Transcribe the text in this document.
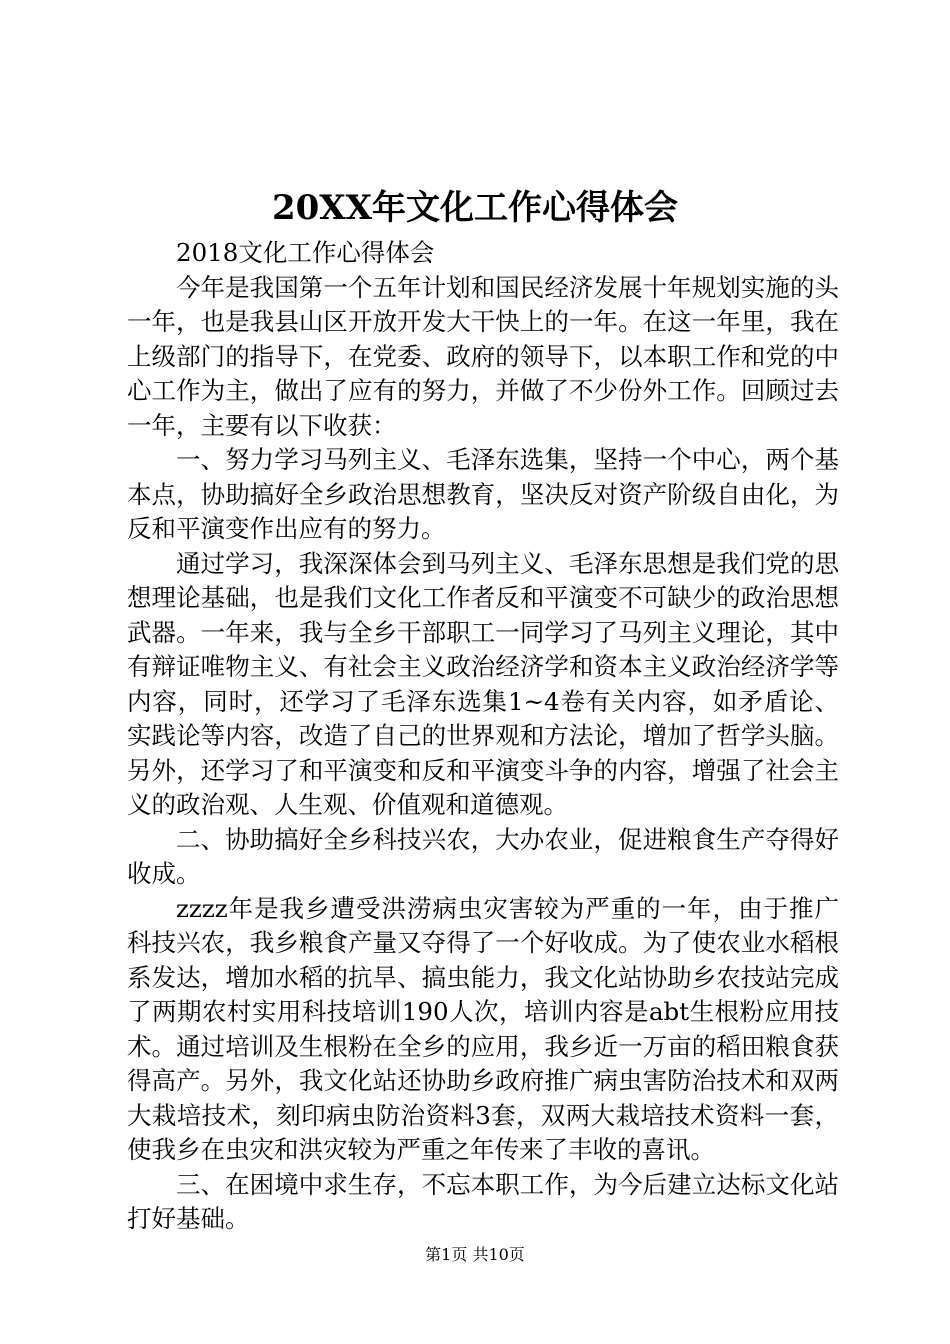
20XX年文化工作心得体会

2018文化工作心得体会

今年是我国第一个五年计划和国民经济发展十年规划实施的头一年，也是我县山区开放开发大干快上的一年。在这一年里，我在上级部门的指导下，在党委、政府的领导下，以本职工作和党的中心工作为主，做出了应有的努力，并做了不少份外工作。回顾过去一年，主要有以下收获：

一、努力学习马列主义、毛泽东选集，坚持一个中心，两个基本点，协助搞好全乡政治思想教育，坚决反对资产阶级自由化，为反和平演变作出应有的努力。

通过学习，我深深体会到马列主义、毛泽东思想是我们党的思想理论基础，也是我们文化工作者反和平演变不可缺少的政治思想武器。一年来，我与全乡干部职工一同学习了马列主义理论，其中有辩证唯物主义、有社会主义政治经济学和资本主义政治经济学等内容，同时，还学习了毛泽东选集1~4卷有关内容，如矛盾论、实践论等内容，改造了自己的世界观和方法论，增加了哲学头脑。另外，还学习了和平演变和反和平演变斗争的内容，增强了社会主义的政治观、人生观、价值观和道德观。

二、协助搞好全乡科技兴农，大办农业，促进粮食生产夺得好收成。

zzzz年是我乡遭受洪涝病虫灾害较为严重的一年，由于推广科技兴农，我乡粮食产量又夺得了一个好收成。为了使农业水稻根系发达，增加水稻的抗旱、搞虫能力，我文化站协助乡农技站完成了两期农村实用科技培训190人次，培训内容是abt生根粉应用技术。通过培训及生根粉在全乡的应用，我乡近一万亩的稻田粮食获得高产。另外，我文化站还协助乡政府推广病虫害防治技术和双两大栽培技术，刻印病虫防治资料3套，双两大栽培技术资料一套，使我乡在虫灾和洪灾较为严重之年传来了丰收的喜讯。

三、在困境中求生存，不忘本职工作，为今后建立达标文化站打好基础。

第1页 共10页
